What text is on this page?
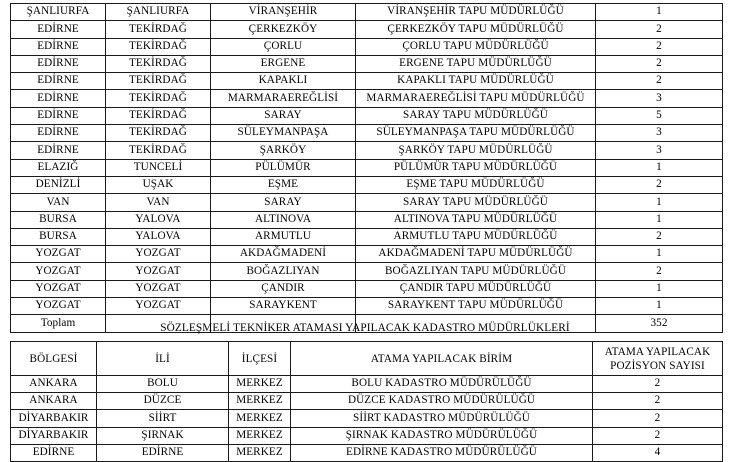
ŞANLIURFA	ŞANLIURFA	VİRANŞEHİR	VİRANŞEHİR TAPU MÜDÜRLÜĞÜ	1
EDİRNE	TEKİRDAĞ	ÇERKEZKÖY	ÇERKEZKÖY TAPU MÜDÜRLÜĞÜ	2
EDİRNE	TEKİRDAĞ	ÇORLU	ÇORLU TAPU MÜDÜRLÜĞÜ	2
EDİRNE	TEKİRDAĞ	ERGENE	ERGENE TAPU MÜDÜRLÜĞÜ	2
EDİRNE	TEKİRDAĞ	KAPAKLI	KAPAKLI TAPU MÜDÜRLÜĞÜ	2
EDİRNE	TEKİRDAĞ	MARMARAEREĞLİSİ	MARMARAEREĞLİSİ TAPU MÜDÜRLÜĞÜ	3
EDİRNE	TEKİRDAĞ	SARAY	SARAY TAPU MÜDÜRLÜĞÜ	5
EDİRNE	TEKİRDAĞ	SÜLEYMANPAŞA	SÜLEYMANPAŞA TAPU MÜDÜRLÜĞÜ	3
EDİRNE	TEKİRDAĞ	ŞARKÖY	ŞARKÖY TAPU MÜDÜRLÜĞÜ	3
ELAZIĞ	TUNCELİ	PÜLÜMÜR	PÜLÜMÜR TAPU MÜDÜRLÜĞÜ	1
DENİZLİ	UŞAK	EŞME	EŞME TAPU MÜDÜRLÜĞÜ	2
VAN	VAN	SARAY	SARAY TAPU MÜDÜRLÜĞÜ	1
BURSA	YALOVA	ALTINOVA	ALTINOVA TAPU MÜDÜRLÜĞÜ	1
BURSA	YALOVA	ARMUTLU	ARMUTLU TAPU MÜDÜRLÜĞÜ	2
YOZGAT	YOZGAT	AKDAĞMADENİ	AKDAĞMADENİ TAPU MÜDÜRLÜĞÜ	1
YOZGAT	YOZGAT	BOĞAZLIYAN	BOĞAZLIYAN TAPU MÜDÜRLÜĞÜ	2
YOZGAT	YOZGAT	ÇANDIR	ÇANDIR TAPU MÜDÜRLÜĞÜ	1
YOZGAT	YOZGAT	SARAYKENT	SARAYKENT TAPU MÜDÜRLÜĞÜ	1
Toplam				352
SÖZLEŞMELİ TEKNİKER ATAMASI YAPILACAK KADASTRO MÜDÜRLÜKLERİ
BÖLGESİ	İLİ	İLÇESİ	ATAMA YAPILACAK BİRİM	ATAMA YAPILACAK
POZİSYON SAYISI
ANKARA	BOLU	MERKEZ	BOLU KADASTRO MÜDÜRÜLÜĞÜ	2
ANKARA	DÜZCE	MERKEZ	DÜZCE KADASTRO MÜDÜRÜLÜĞÜ	2
DİYARBAKIR	SİİRT	MERKEZ	SİİRT KADASTRO MÜDÜRÜLÜĞÜ	2
DİYARBAKIR	ŞIRNAK	MERKEZ	ŞIRNAK KADASTRO MÜDÜRÜLÜĞÜ	2
EDİRNE	EDİRNE	MERKEZ	EDİRNE KADASTRO MÜDÜRÜLÜĞÜ	4
